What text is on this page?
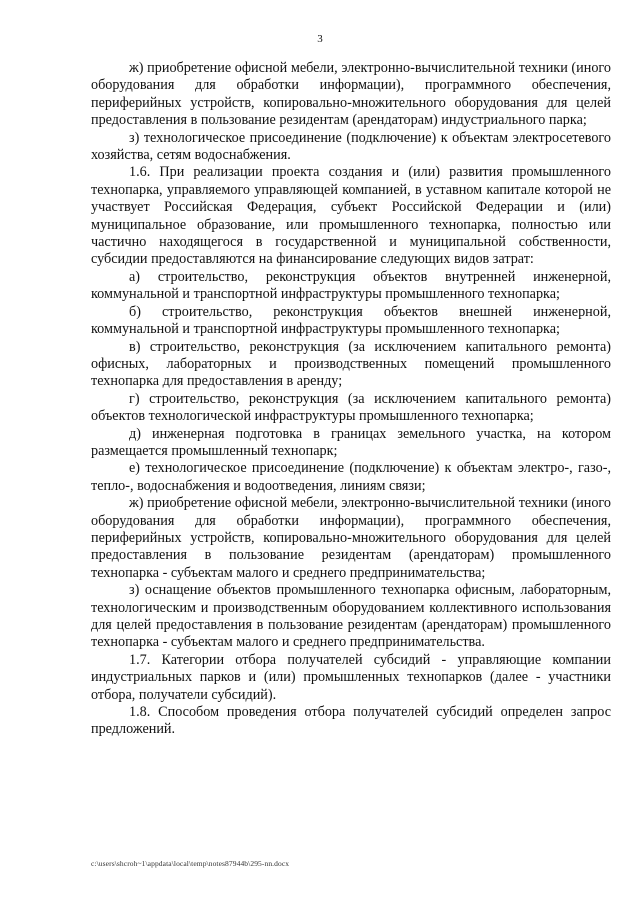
3

ж) приобретение офисной мебели, электронно-вычислительной техники (иного оборудования для обработки информации), программного обеспечения, периферийных устройств, копировально-множительного оборудования для целей предоставления в пользование резидентам (арендаторам) индустриального парка;

з) технологическое присоединение (подключение) к объектам электросетевого хозяйства, сетям водоснабжения.

1.6. При реализации проекта создания и (или) развития промышленного технопарка, управляемого управляющей компанией, в уставном капитале которой не участвует Российская Федерация, субъект Российской Федерации и (или) муниципальное образование, или промышленного технопарка, полностью или частично находящегося в государственной и муниципальной собственности, субсидии предоставляются на финансирование следующих видов затрат:

а) строительство, реконструкция объектов внутренней инженерной, коммунальной и транспортной инфраструктуры промышленного технопарка;

б) строительство, реконструкция объектов внешней инженерной, коммунальной и транспортной инфраструктуры промышленного технопарка;

в) строительство, реконструкция (за исключением капитального ремонта) офисных, лабораторных и производственных помещений промышленного технопарка для предоставления в аренду;

г) строительство, реконструкция (за исключением капитального ремонта) объектов технологической инфраструктуры промышленного технопарка;

д) инженерная подготовка в границах земельного участка, на котором размещается промышленный технопарк;

е) технологическое присоединение (подключение) к объектам электро-, газо-, тепло-, водоснабжения и водоотведения, линиям связи;

ж) приобретение офисной мебели, электронно-вычислительной техники (иного оборудования для обработки информации), программного обеспечения, периферийных устройств, копировально-множительного оборудования для целей предоставления в пользование резидентам (арендаторам) промышленного технопарка - субъектам малого и среднего предпринимательства;

з) оснащение объектов промышленного технопарка офисным, лабораторным, технологическим и производственным оборудованием коллективного использования для целей предоставления в пользование резидентам (арендаторам) промышленного технопарка - субъектам малого и среднего предпринимательства.

1.7. Категории отбора получателей субсидий - управляющие компании индустриальных парков и (или) промышленных технопарков (далее - участники отбора, получатели субсидий).

1.8. Способом проведения отбора получателей субсидий определен запрос предложений.

c:\users\shcroh~1\appdata\local\temp\notes87944b\295-nn.docx
